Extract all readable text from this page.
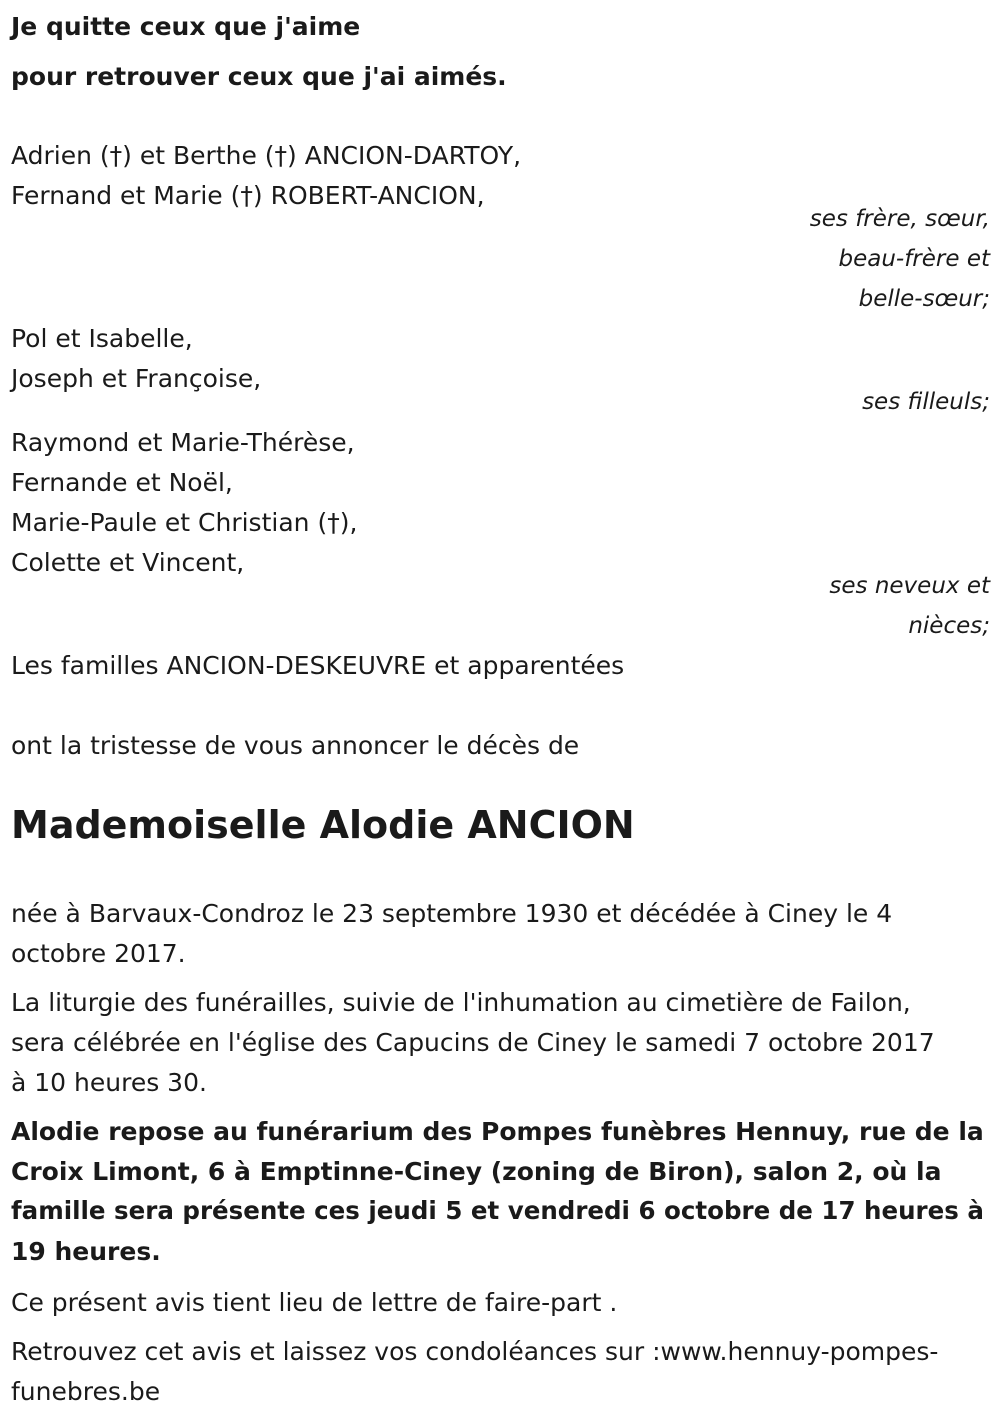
Je quitte ceux que j'aime
pour retrouver ceux que j'ai aimés.
Adrien (†) et Berthe (†) ANCION-DARTOY,
Fernand et Marie (†) ROBERT-ANCION,
ses frère, sœur,
beau-frère et
belle-sœur;
Pol et Isabelle,
Joseph et Françoise,
ses filleuls;
Raymond et Marie-Thérèse,
Fernande et Noël,
Marie-Paule et Christian (†),
Colette et Vincent,
ses neveux et
nièces;
Les familles ANCION-DESKEUVRE et apparentées
ont la tristesse de vous annoncer le décès de
Mademoiselle Alodie ANCION
née à Barvaux-Condroz le 23 septembre 1930 et décédée à Ciney le 4
octobre 2017.
La liturgie des funérailles, suivie de l'inhumation au cimetière de Failon,
sera célébrée en l'église des Capucins de Ciney le samedi 7 octobre 2017
à 10 heures 30.
Alodie repose au funérarium des Pompes funèbres Hennuy, rue de la
Croix Limont, 6 à Emptinne-Ciney (zoning de Biron), salon 2, où la
famille sera présente ces jeudi 5 et vendredi 6 octobre de 17 heures à
19 heures.
Ce présent avis tient lieu de lettre de faire-part .
Retrouvez cet avis et laissez vos condoléances sur :www.hennuy-pompes-
funebres.be
